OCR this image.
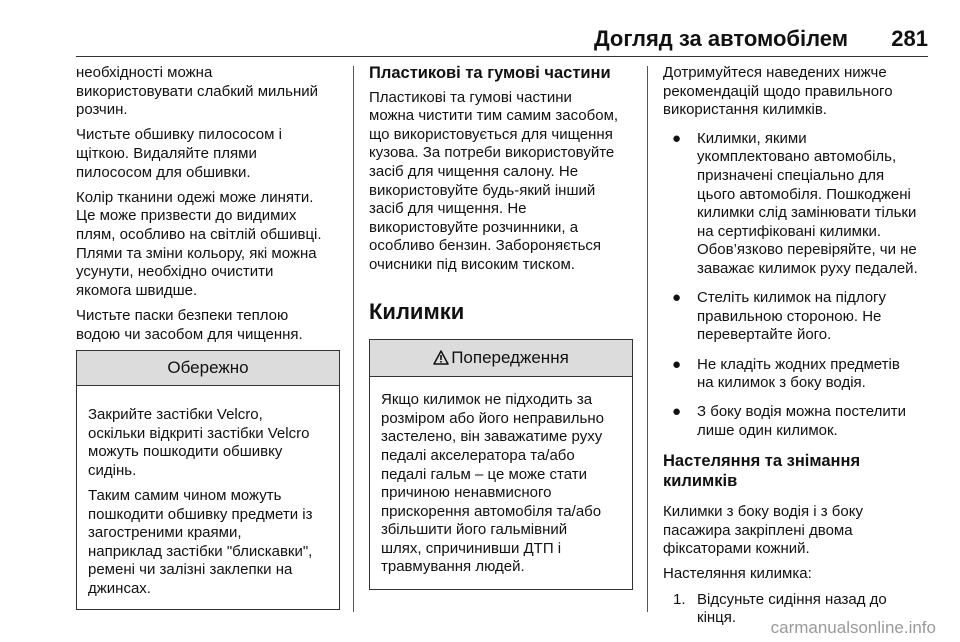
Догляд за автомобілем 281

необхідності можна
використовувати слабкий мильний
розчин.

Чистьте обшивку пилососом і
щіткою. Видаляйте плями
пилососом для обшивки.

Колір тканини одежі може линяти.
Це може призвести до видимих
плям, особливо на світлій обшивці.
Плями та зміни кольору, які можна
усунути, необхідно очистити
якомога швидше.

Чистьте паски безпеки теплою
водою чи засобом для чищення.

Обережно

Закрийте застібки Velcro,
оскільки відкриті застібки Velcro
можуть пошкодити обшивку
сидінь.

Таким самим чином можуть
пошкодити обшивку предмети із
загостреними краями,
наприклад застібки "блискавки",
ремені чи залізні заклепки на
джинсах.

Пластикові та гумові частини

Пластикові та гумові частини
можна чистити тим самим засобом,
що використовується для чищення
кузова. За потреби використовуйте
засіб для чищення салону. Не
використовуйте будь-який інший
засіб для чищення. Не
використовуйте розчинники, а
особливо бензин. Забороняється
очисники під високим тиском.

Килимки
Попередження

Якщо килимок не підходить за
розміром або його неправильно
застелено, він заважатиме руху
педалі акселератора та/або
педалі гальм – це може стати
причиною ненавмисного
прискорення автомобіля та/або
збільшити його гальмівний
шлях, спричинивши ДТП і
травмування людей.

Дотримуйтеся наведених нижче
рекомендацій щодо правильного
використання килимків.

● Килимки, якими
укомплектовано автомобіль,
призначені спеціально для
цього автомобіля. Пошкоджені
килимки слід замінювати тільки
на сертифіковані килимки.
Обов’язково перевіряйте, чи не
заважає килимок руху педалей.
● Стеліть килимок на підлогу
правильною стороною. Не
перевертайте його.
● Не кладіть жодних предметів
на килимок з боку водія.
● З боку водія можна постелити
лише один килимок.
Настеляння та знімання
килимків

Килимки з боку водія і з боку
пасажира закріплені двома
фіксаторами кожний.

Настеляння килимка:

1. Відсуньте сидіння назад до
кінця.
carmanualsonline.info
